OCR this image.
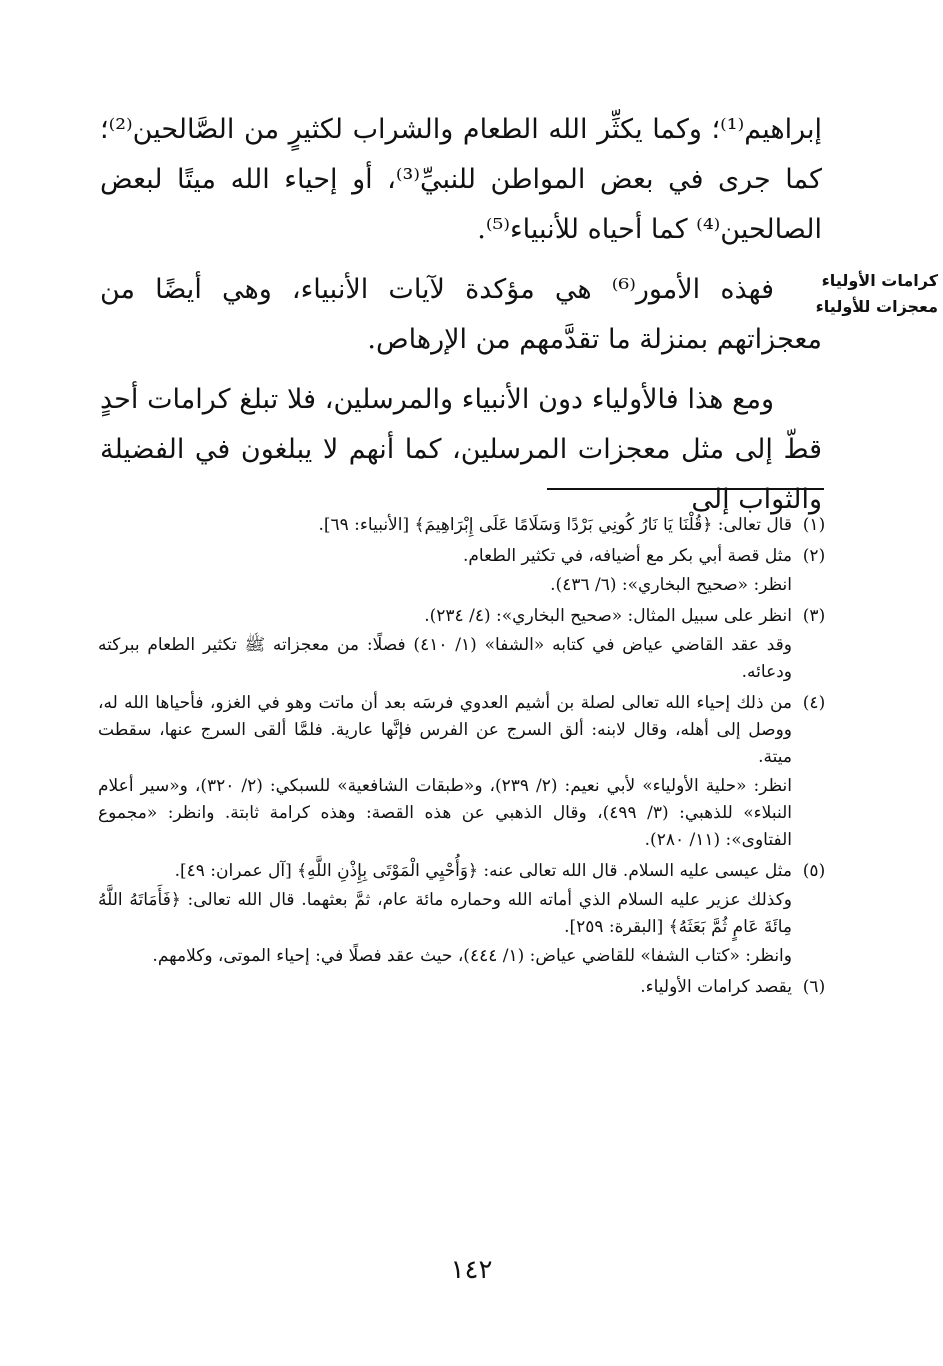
إبراهيم⁽¹⁾؛ وكما يكثِّر الله الطعام والشراب لكثيرٍ من الصَّالحين⁽²⁾؛ كما جرى في بعض المواطن للنبيِّ⁽³⁾، أو إحياء الله ميتًا لبعض الصالحين⁽⁴⁾ كما أحياه للأنبياء⁽⁵⁾.

فهذه الأمور⁽⁶⁾ هي مؤكدة لآيات الأنبياء، وهي أيضًا من معجزاتهم بمنزلة ما تقدَّمهم من الإرهاص.

ومع هذا فالأولياء دون الأنبياء والمرسلين، فلا تبلغ كرامات أحدٍ قطّ إلى مثل معجزات المرسلين، كما أنهم لا يبلغون في الفضيلة والثواب إلى

كرامات الأولياء
معجزات للأولياء
(١)

قال تعالى: ﴿قُلْنَا يَا نَارُ كُونِي بَرْدًا وَسَلَامًا عَلَى إِبْرَاهِيمَ﴾ [الأنبياء: ٦٩].

(٢)

مثل قصة أبي بكر مع أضيافه، في تكثير الطعام.

انظر: «صحيح البخاري»: (٦/ ٤٣٦).

(٣)

انظر على سبيل المثال: «صحيح البخاري»: (٤/ ٢٣٤).

وقد عقد القاضي عياض في كتابه «الشفا» (١/ ٤١٠) فصلًا: من معجزاته ﷺ تكثير الطعام ببركته ودعائه.

(٤)

من ذلك إحياء الله تعالى لصلة بن أشيم العدوي فرسَه بعد أن ماتت وهو في الغزو، فأحياها الله له، ووصل إلى أهله، وقال لابنه: ألق السرج عن الفرس فإنَّها عارية. فلمَّا ألقى السرج عنها، سقطت ميتة.

انظر: «حلية الأولياء» لأبي نعيم: (٢/ ٢٣٩)، و«طبقات الشافعية» للسبكي: (٢/ ٣٢٠)، و«سير أعلام النبلاء» للذهبي: (٣/ ٤٩٩)، وقال الذهبي عن هذه القصة: وهذه كرامة ثابتة. وانظر: «مجموع الفتاوى»: (١١/ ٢٨٠).

(٥)

مثل عيسى عليه السلام. قال الله تعالى عنه: ﴿وَأُحْيِي الْمَوْتَى بِإِذْنِ اللَّهِ﴾ [آل عمران: ٤٩].

وكذلك عزير عليه السلام الذي أماته الله وحماره مائة عام، ثمَّ بعثهما. قال الله تعالى: ﴿فَأَمَاتَهُ اللَّهُ مِائَةَ عَامٍ ثُمَّ بَعَثَهُ﴾ [البقرة: ٢٥٩].

وانظر: «كتاب الشفا» للقاضي عياض: (١/ ٤٤٤)، حيث عقد فصلًا في: إحياء الموتى، وكلامهم.

(٦)

يقصد كرامات الأولياء.

١٤٢
